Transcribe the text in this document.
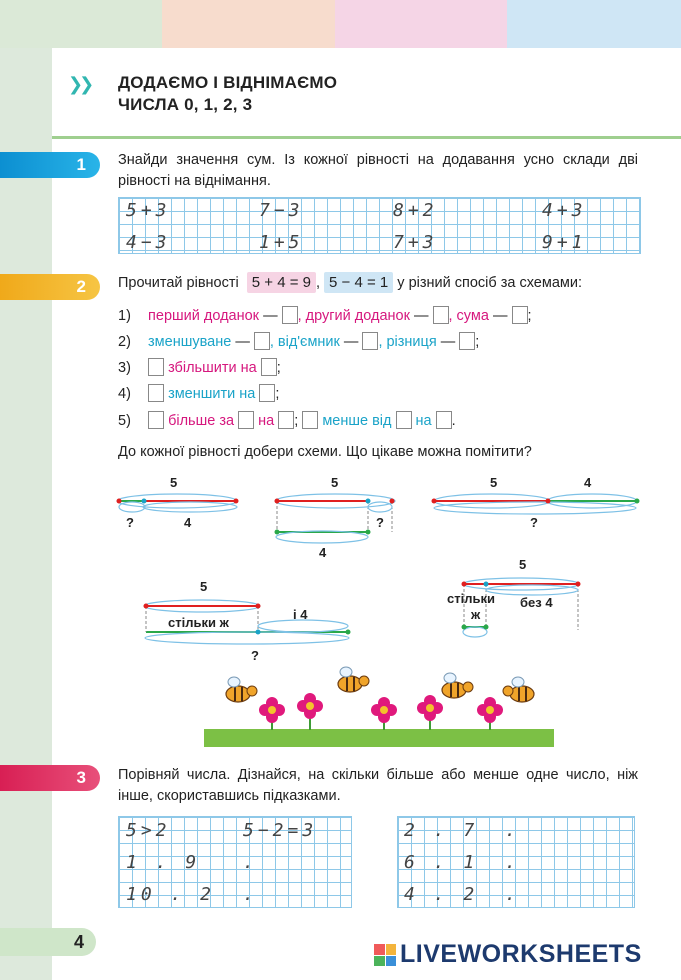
❯❯ ДОДАЄМО І ВІДНІМАЄМО
ЧИСЛА 0, 1, 2, 3
1	Знайди значення сум. Із кожної рівності на додавання усно склади дві рівності на віднімання.
5+3	7−3	8+2	4+3
4−3	1+5	7+3	9+1
2	Прочитай рівності 5 + 4 = 9 , 5 − 4 = 1 у різний спосіб за схемами:
1) перший доданок — , другий доданок — , сума — ;
2) зменшуване — , від'ємник — , різниця — ;
3)	збільшити на ;
4)	зменшити на ;
5)	більше за на ; менше від на .
До кожної рівності добери схеми. Що цікаве можна помітити?
5
?	4
5
?
4
5	4
?
5
стільки ж
і 4
?
5
стільки
ж
без 4
3	Порівняй числа. Дізнайся, на скільки більше або менше одне число, ніж інше, скориставшись підказками.
5>2	5−2=3
1 . 9 .
10 . 2 .
2 . 7 .
6 . 1 .
4 . 2 .
4	LIVEWORKSHEETS
